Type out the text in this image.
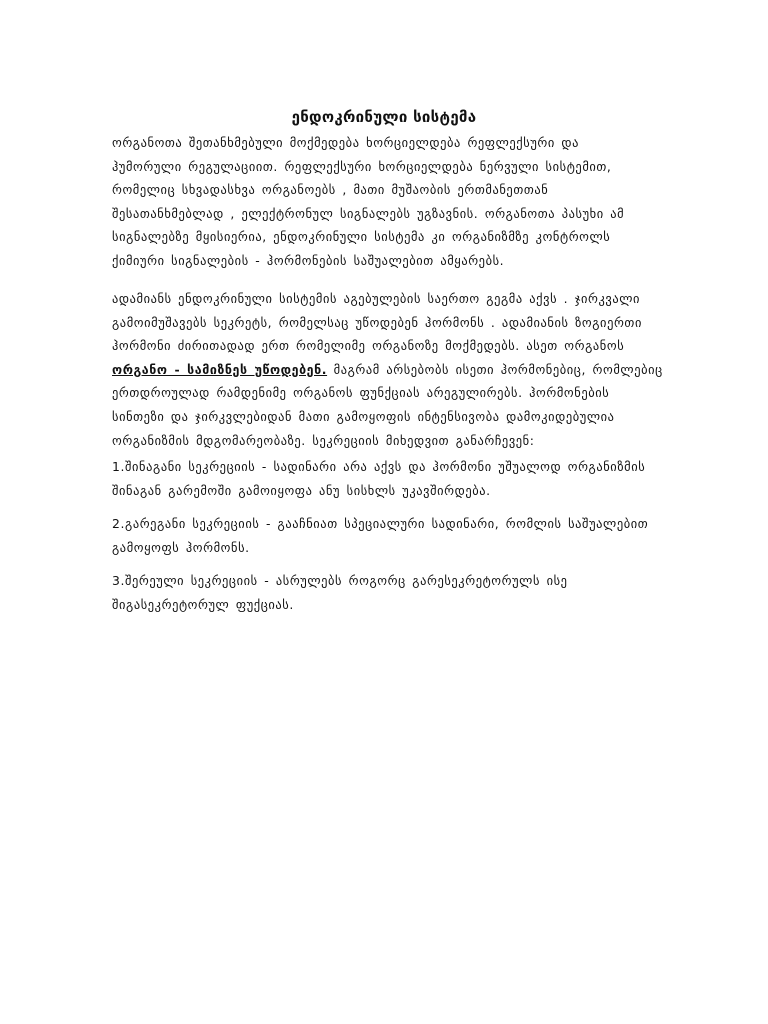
ენდოკრინული სისტემა
ორგანოთა შეთანხმებული მოქმედება ხორციელდება რეფლექსური და
ჰუმორული რეგულაციით. რეფლექსური ხორციელდება ნერვული სისტემით,
რომელიც სხვადასხვა ორგანოებს , მათი მუშაობის ერთმანეთთან
შესათანხმებლად , ელექტრონულ სიგნალებს უგზავნის. ორგანოთა პასუხი ამ
სიგნალებზე მყისიერია, ენდოკრინული სისტემა კი ორგანიზმზე კონტროლს
ქიმიური სიგნალების - ჰორმონების საშუალებით ამყარებს.
ადამიანს ენდოკრინული სისტემის აგებულების საერთო გეგმა აქვს . ჯირკვალი
გამოიმუშავებს სეკრეტს, რომელსაც უწოდებენ ჰორმონს . ადამიანის ზოგიერთი
ჰორმონი ძირითადად ერთ რომელიმე ორგანოზე მოქმედებს. ასეთ ორგანოს
ორგანო - სამიზნეს უწოდებენ. მაგრამ არსებობს ისეთი ჰორმონებიც, რომლებიც
ერთდროულად რამდენიმე ორგანოს ფუნქციას არეგულირებს. ჰორმონების
სინთეზი და ჯირკვლებიდან მათი გამოყოფის ინტენსივობა დამოკიდებულია
ორგანიზმის მდგომარეობაზე. სეკრეციის მიხედვით განარჩევენ:
1.შინაგანი სეკრეციის - სადინარი არა აქვს და ჰორმონი უშუალოდ ორგანიზმის
შინაგან გარემოში გამოიყოფა ანუ სისხლს უკავშირდება.
2.გარეგანი სეკრეციის - გააჩნიათ სპეციალური სადინარი, რომლის საშუალებით
გამოყოფს ჰორმონს.
3.შერეული სეკრეციის - ასრულებს როგორც გარესეკრეტორულს ისე
შიგასეკრეტორულ ფუქციას.
